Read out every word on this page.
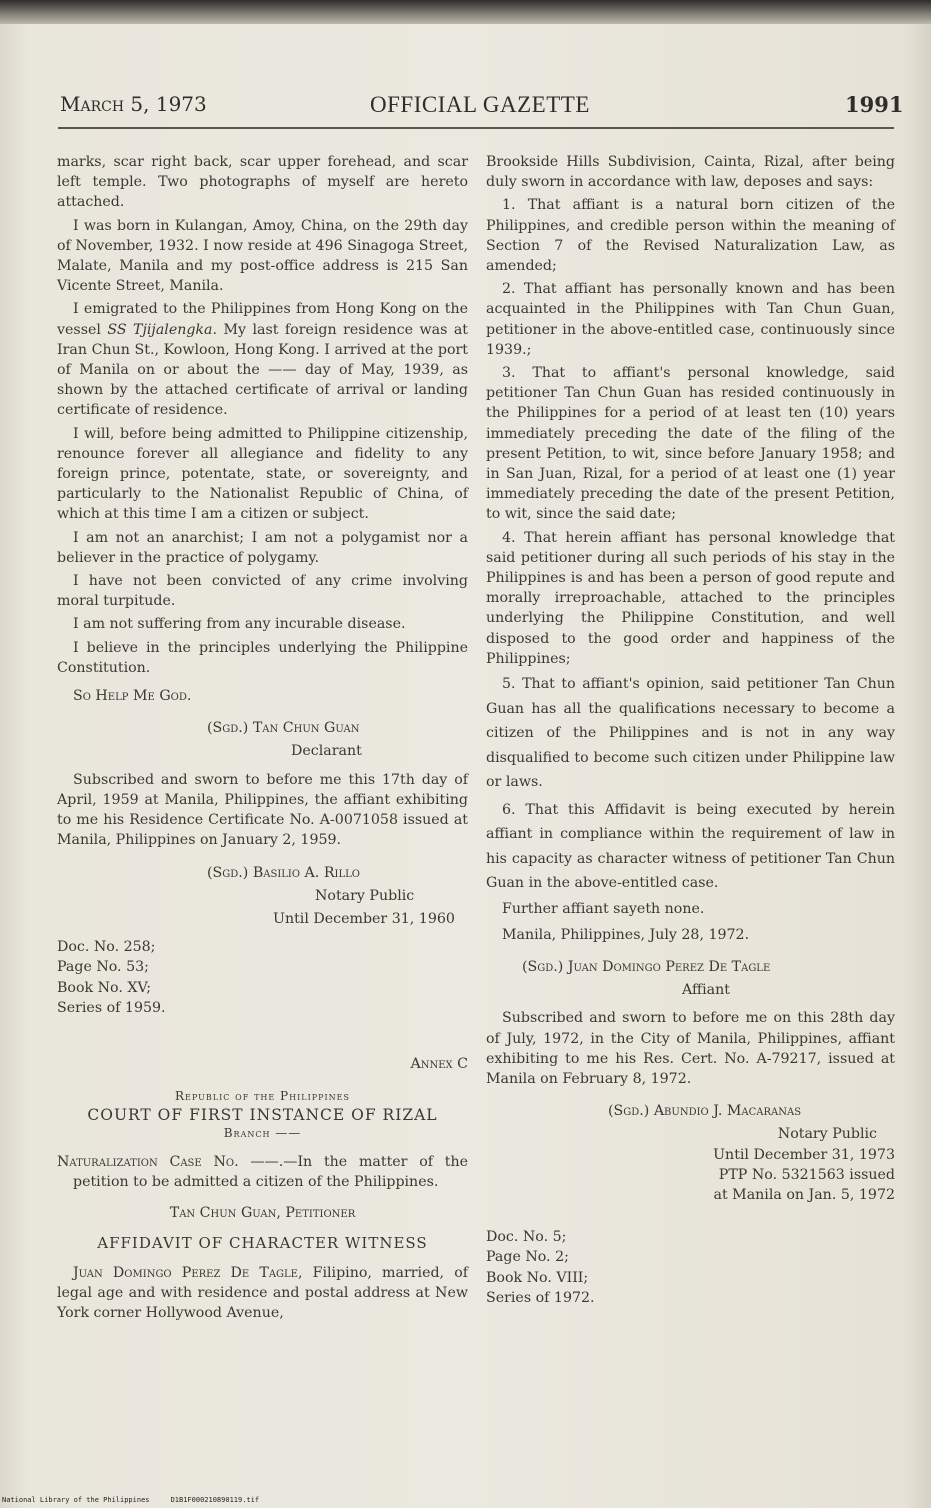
March 5, 1973	OFFICIAL GAZETTE	1991

marks, scar right back, scar upper forehead, and scar left temple. Two photographs of myself are hereto attached.

I was born in Kulangan, Amoy, China, on the 29th day of November, 1932. I now reside at 496 Sinagoga Street, Malate, Manila and my post-office address is 215 San Vicente Street, Manila.

I emigrated to the Philippines from Hong Kong on the vessel SS Tjijalengka. My last foreign residence was at Iran Chun St., Kowloon, Hong Kong. I arrived at the port of Manila on or about the —— day of May, 1939, as shown by the attached certificate of arrival or landing certificate of residence.

I will, before being admitted to Philippine citizenship, renounce forever all allegiance and fidelity to any foreign prince, potentate, state, or sovereignty, and particularly to the Nationalist Republic of China, of which at this time I am a citizen or subject.

I am not an anarchist; I am not a polygamist nor a believer in the practice of polygamy.

I have not been convicted of any crime involving moral turpitude.

I am not suffering from any incurable disease.

I believe in the principles underlying the Philippine Constitution.

So Help Me God.

(Sgd.) Tan Chun Guan

Declarant

Subscribed and sworn to before me this 17th day of April, 1959 at Manila, Philippines, the affiant exhibiting to me his Residence Certificate No. A-0071058 issued at Manila, Philippines on January 2, 1959.

(Sgd.) Basilio A. Rillo

Notary Public

Until December 31, 1960

Doc. No. 258;

Page No. 53;

Book No. XV;

Series of 1959.

Annex C

Republic of the Philippines

COURT OF FIRST INSTANCE OF RIZAL

Branch ——

Naturalization Case No. ——.—In the matter of the petition to be admitted a citizen of the Philippines.

Tan Chun Guan, Petitioner

AFFIDAVIT OF CHARACTER WITNESS

Juan Domingo Perez De Tagle, Filipino, married, of legal age and with residence and postal address at New York corner Hollywood Avenue,

Brookside Hills Subdivision, Cainta, Rizal, after being duly sworn in accordance with law, deposes and says:

1. That affiant is a natural born citizen of the Philippines, and credible person within the meaning of Section 7 of the Revised Naturalization Law, as amended;

2. That affiant has personally known and has been acquainted in the Philippines with Tan Chun Guan, petitioner in the above-entitled case, continuously since 1939.;

3. That to affiant's personal knowledge, said petitioner Tan Chun Guan has resided continuously in the Philippines for a period of at least ten (10) years immediately preceding the date of the filing of the present Petition, to wit, since before January 1958; and in San Juan, Rizal, for a period of at least one (1) year immediately preceding the date of the present Petition, to wit, since the said date;

4. That herein affiant has personal knowledge that said petitioner during all such periods of his stay in the Philippines is and has been a person of good repute and morally irreproachable, attached to the principles underlying the Philippine Constitution, and well disposed to the good order and happiness of the Philippines;

5. That to affiant's opinion, said petitioner Tan Chun Guan has all the qualifications necessary to become a citizen of the Philippines and is not in any way disqualified to become such citizen under Philippine law or laws.

6. That this Affidavit is being executed by herein affiant in compliance within the requirement of law in his capacity as character witness of petitioner Tan Chun Guan in the above-entitled case.

Further affiant sayeth none.

Manila, Philippines, July 28, 1972.

(Sgd.) Juan Domingo Perez De Tagle

Affiant

Subscribed and sworn to before me on this 28th day of July, 1972, in the City of Manila, Philippines, affiant exhibiting to me his Res. Cert. No. A-79217, issued at Manila on February 8, 1972.

(Sgd.) Abundio J. Macaranas

Notary Public

Until December 31, 1973

PTP No. 5321563 issued

at Manila on Jan. 5, 1972

Doc. No. 5;

Page No. 2;

Book No. VIII;

Series of 1972.

National Library of the Philippines     D1B1F000210890119.tif
